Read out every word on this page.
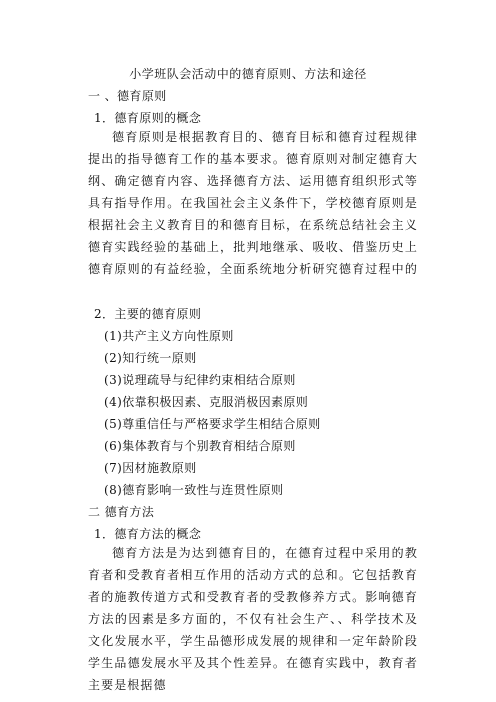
小学班队会活动中的德育原则、方法和途径
一 、德育原则
1．德育原则的概念
德育原则是根据教育目的、德育目标和德育过程规律提出的指导德育工作的基本要求。德育原则对制定德育大纲、确定德育内容、选择德育方法、运用德育组织形式等具有指导作用。在我国社会主义条件下，学校德育原则是根据社会主义教育目的和德育目标，在系统总结社会主义德育实践经验的基础上，批判地继承、吸收、借鉴历史上德育原则的有益经验，全面系统地分析研究德育过程中的
2．主要的德育原则
(1)共产主义方向性原则
(2)知行统一原则
(3)说理疏导与纪律约束相结合原则
(4)依靠积极因素、克服消极因素原则
(5)尊重信任与严格要求学生相结合原则
(6)集体教育与个别教育相结合原则
(7)因材施教原则
(8)德育影响一致性与连贯性原则
二 德育方法
1．德育方法的概念
德育方法是为达到德育目的，在德育过程中采用的教育者和受教育者相互作用的活动方式的总和。它包括教育者的施教传道方式和受教育者的受教修养方式。影响德育方法的因素是多方面的，不仅有社会生产、、科学技术及文化发展水平，学生品德形成发展的规律和一定年龄阶段学生品德发展水平及其个性差异。在德育实践中，教育者主要是根据德
